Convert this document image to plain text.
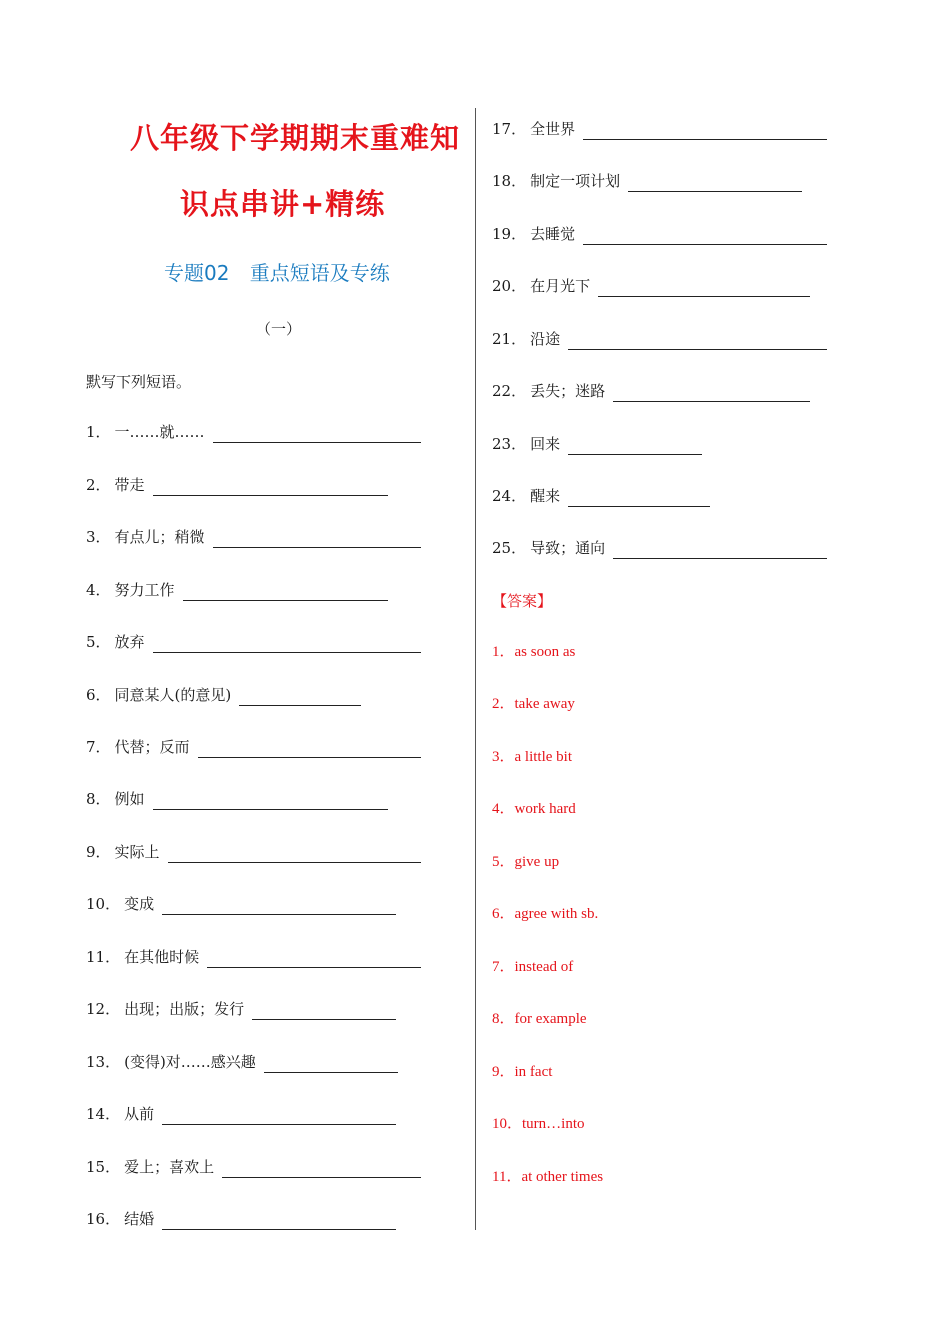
八年级下学期期末重难知
识点串讲+精练
专题02 重点短语及专练
（一）
默写下列短语。
1． 一……就……
2． 带走
3． 有点儿；稍微
4． 努力工作
5． 放弃
6． 同意某人(的意见)
7． 代替；反而
8． 例如
9． 实际上
10． 变成
11． 在其他时候
12． 出现；出版；发行
13． (变得)对……感兴趣
14． 从前
15． 爱上；喜欢上
16． 结婚
17． 全世界
18． 制定一项计划
19． 去睡觉
20． 在月光下
21． 沿途
22． 丢失；迷路
23． 回来
24． 醒来
25． 导致；通向
【答案】
1．as soon as
2．take away
3．a little bit
4．work hard
5．give up
6．agree with sb.
7．instead of
8．for example
9．in fact
10．turn…into
11．at other times
